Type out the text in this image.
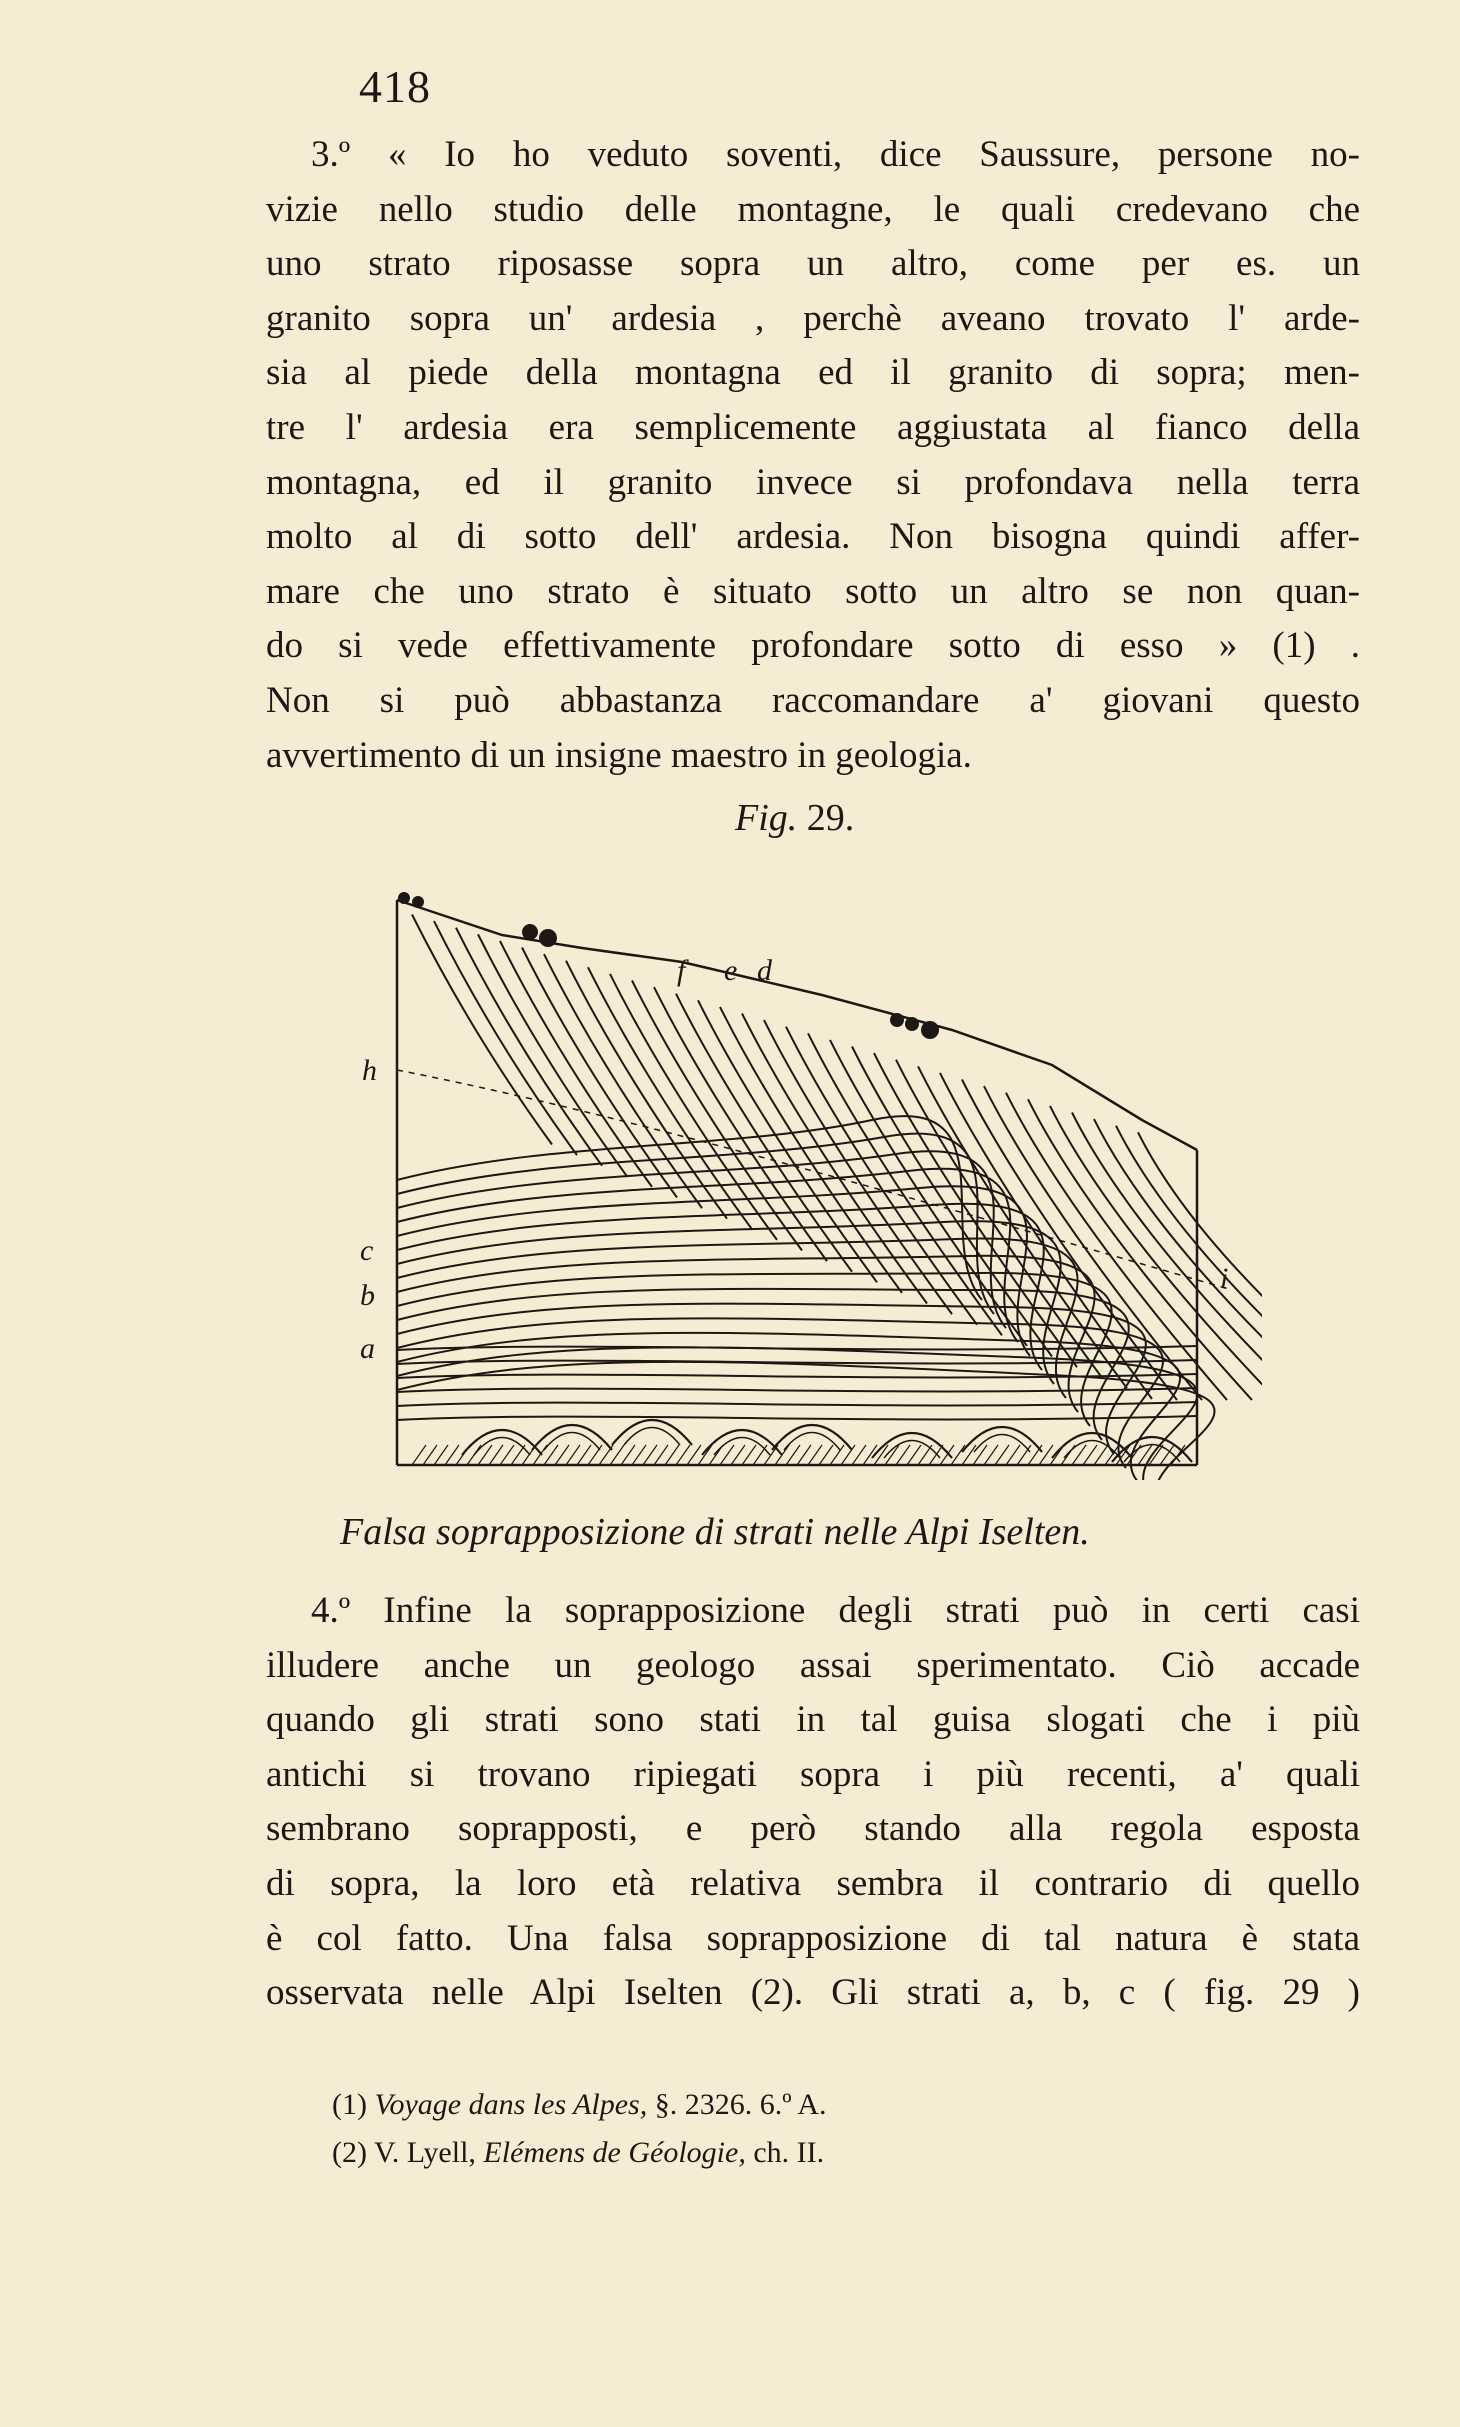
418
3.º « Io ho veduto soventi, dice Saussure, persone no-
vizie nello studio delle montagne, le quali credevano che
uno strato riposasse sopra un altro, come per es. un
granito sopra un' ardesia , perchè aveano trovato l' arde-
sia al piede della montagna ed il granito di sopra; men-
tre l' ardesia era semplicemente aggiustata al fianco della
montagna, ed il granito invece si profondava nella terra
molto al di sotto dell' ardesia. Non bisogna quindi affer-
mare che uno strato è situato sotto un altro se non quan-
do si vede effettivamente profondare sotto di esso » (1) .
Non si può abbastanza raccomandare a' giovani questo
avvertimento di un insigne maestro in geologia.
Fig. 29.
f e d
h
c
b
a
i
Falsa soprapposizione di strati nelle Alpi Iselten.
4.º Infine la soprapposizione degli strati può in certi casi
illudere anche un geologo assai sperimentato. Ciò accade
quando gli strati sono stati in tal guisa slogati che i più
antichi si trovano ripiegati sopra i più recenti, a' quali
sembrano soprapposti, e però stando alla regola esposta
di sopra, la loro età relativa sembra il contrario di quello
è col fatto. Una falsa soprapposizione di tal natura è stata
osservata nelle Alpi Iselten (2). Gli strati a, b, c ( fig. 29 )
(1) Voyage dans les Alpes, §. 2326. 6.º A.
(2) V. Lyell, Elémens de Géologie, ch. II.
